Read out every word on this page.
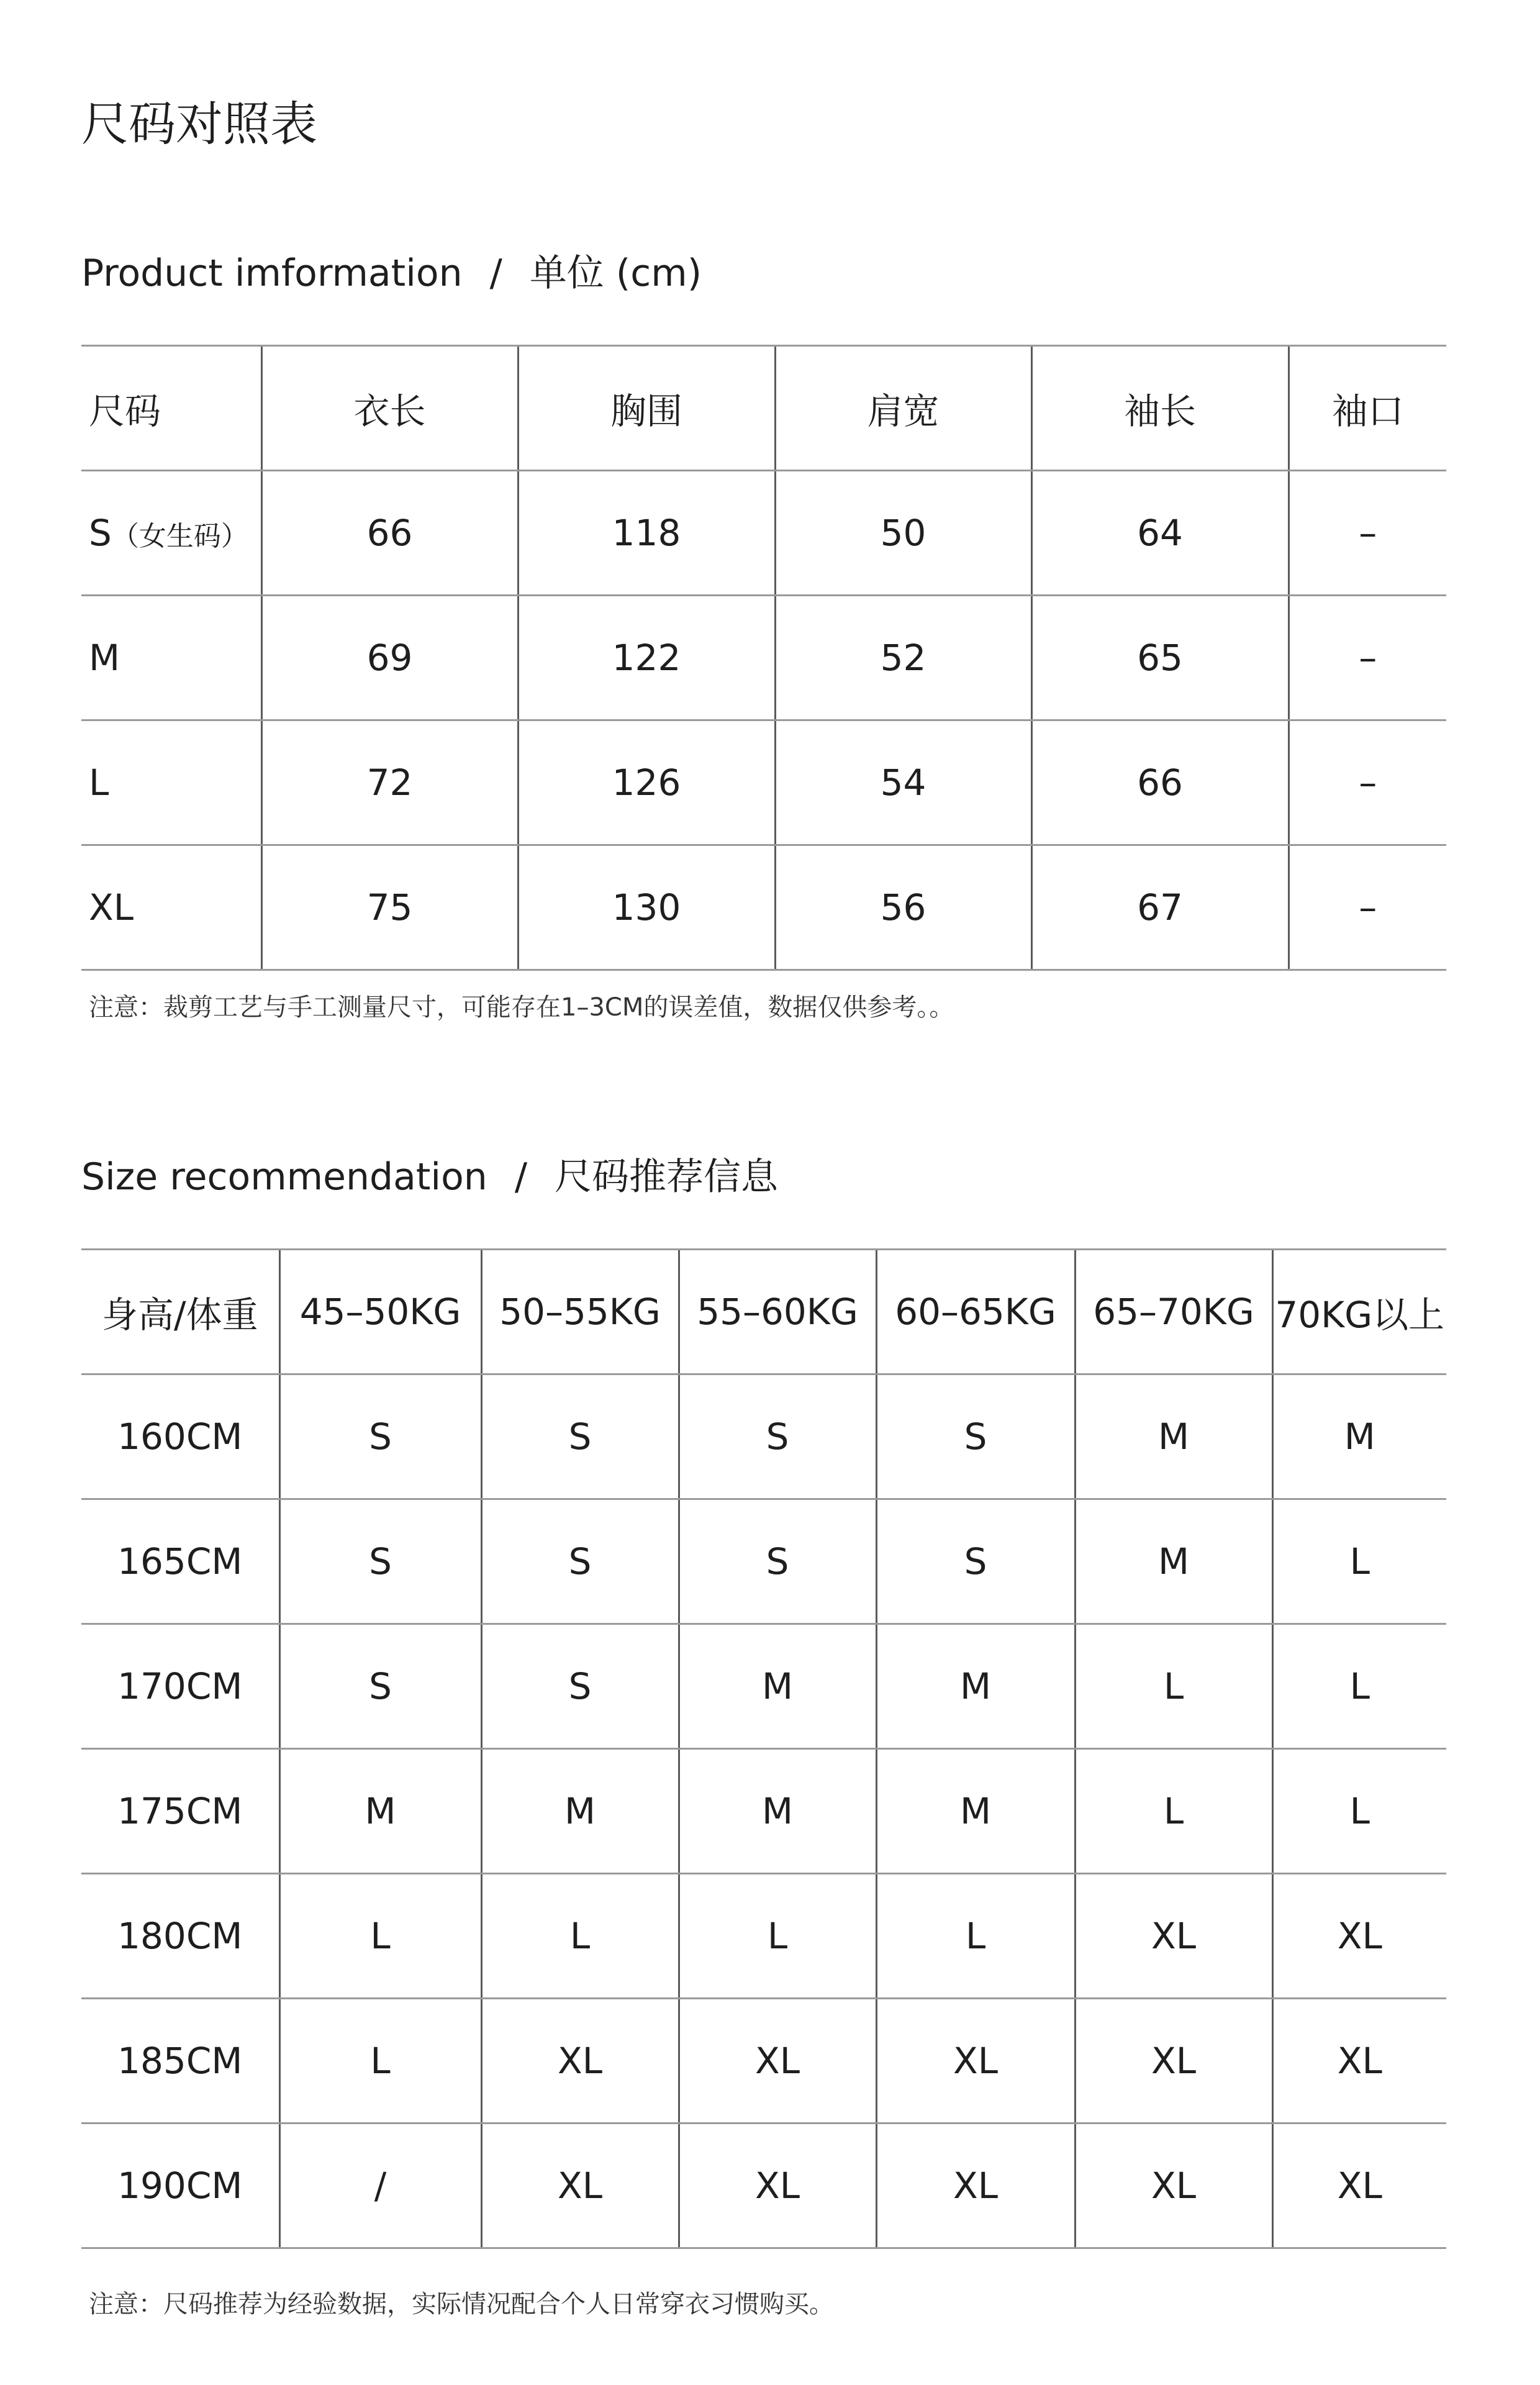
尺码对照表
Product imformation / 单位 (cm)
尺码	衣长	胸围	肩宽	袖长	袖口
S（女生码）	66	118	50	64	–
M	69	122	52	65	–
L	72	126	54	66	–
XL	75	130	56	67	–
注意：裁剪工艺与手工测量尺寸，可能存在1–3CM的误差值，数据仅供参考。。
Size recommendation / 尺码推荐信息
身高/体重	45–50KG	50–55KG	55–60KG	60–65KG	65–70KG	70KG以上
160CM	S	S	S	S	M	M
165CM	S	S	S	S	M	L
170CM	S	S	M	M	L	L
175CM	M	M	M	M	L	L
180CM	L	L	L	L	XL	XL
185CM	L	XL	XL	XL	XL	XL
190CM	/	XL	XL	XL	XL	XL
注意：尺码推荐为经验数据，实际情况配合个人日常穿衣习惯购买。
